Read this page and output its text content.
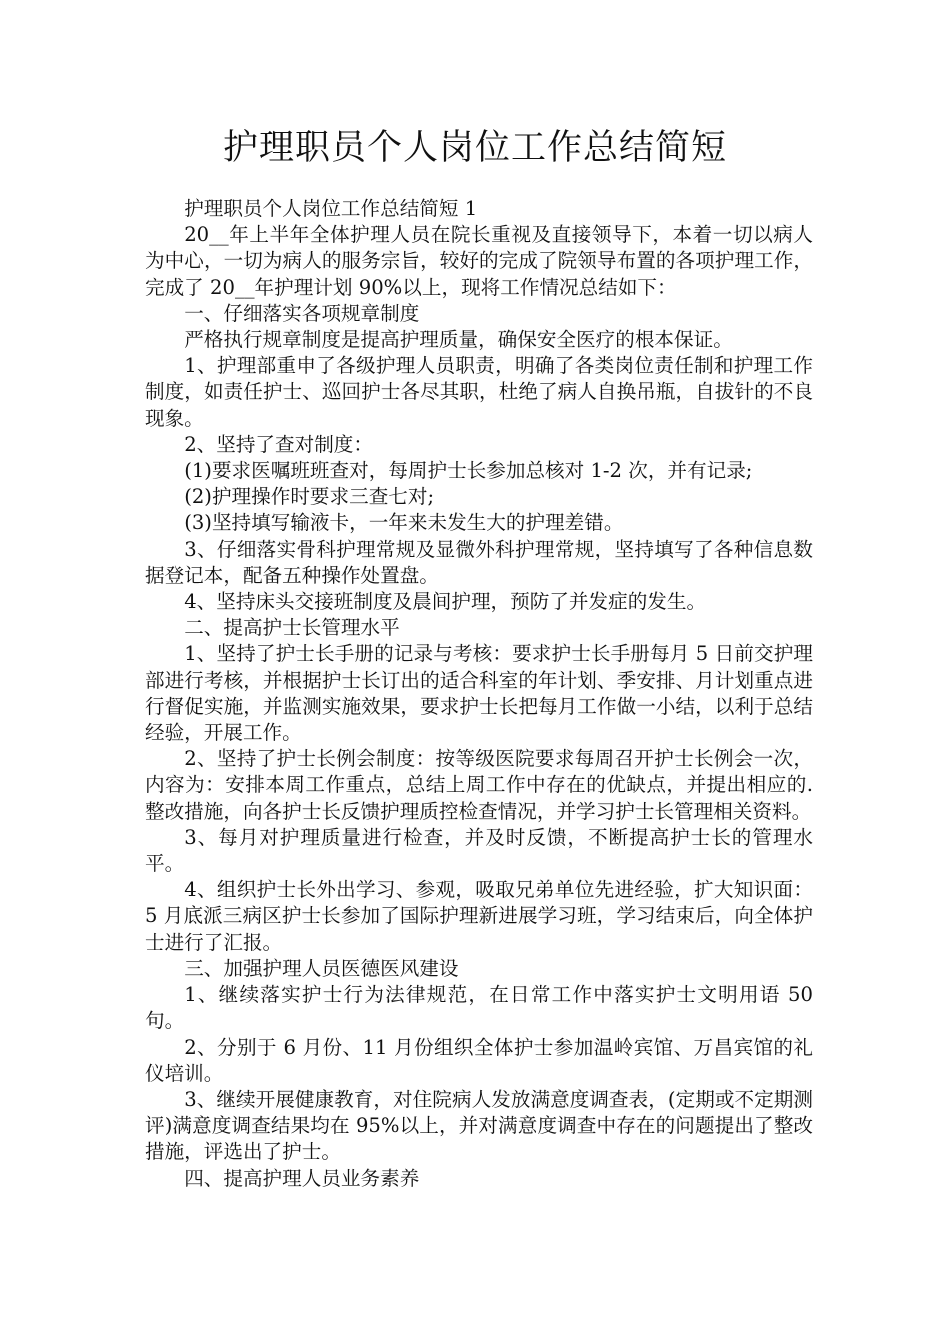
护理职员个人岗位工作总结简短

护理职员个人岗位工作总结简短 1

20__年上半年全体护理人员在院长重视及直接领导下，本着一切以病人为中心，一切为病人的服务宗旨，较好的完成了院领导布置的各项护理工作，完成了 20__年护理计划 90%以上，现将工作情况总结如下：

一、仔细落实各项规章制度

严格执行规章制度是提高护理质量，确保安全医疗的根本保证。

1、护理部重申了各级护理人员职责，明确了各类岗位责任制和护理工作制度，如责任护士、巡回护士各尽其职，杜绝了病人自换吊瓶，自拔针的不良现象。

2、坚持了查对制度：

(1)要求医嘱班班查对，每周护士长参加总核对 1-2 次，并有记录;

(2)护理操作时要求三查七对;

(3)坚持填写输液卡，一年来未发生大的护理差错。

3、仔细落实骨科护理常规及显微外科护理常规，坚持填写了各种信息数据登记本，配备五种操作处置盘。

4、坚持床头交接班制度及晨间护理，预防了并发症的发生。

二、提高护士长管理水平

1、坚持了护士长手册的记录与考核：要求护士长手册每月 5 日前交护理部进行考核，并根据护士长订出的适合科室的年计划、季安排、月计划重点进行督促实施，并监测实施效果，要求护士长把每月工作做一小结，以利于总结经验，开展工作。

2、坚持了护士长例会制度：按等级医院要求每周召开护士长例会一次，内容为：安排本周工作重点，总结上周工作中存在的优缺点，并提出相应的.整改措施，向各护士长反馈护理质控检查情况，并学习护士长管理相关资料。

3、每月对护理质量进行检查，并及时反馈，不断提高护士长的管理水平。

4、组织护士长外出学习、参观，吸取兄弟单位先进经验，扩大知识面：5 月底派三病区护士长参加了国际护理新进展学习班，学习结束后，向全体护士进行了汇报。

三、加强护理人员医德医风建设

1、继续落实护士行为法律规范，在日常工作中落实护士文明用语 50 句。

2、分别于 6 月份、11 月份组织全体护士参加温岭宾馆、万昌宾馆的礼仪培训。

3、继续开展健康教育，对住院病人发放满意度调查表，(定期或不定期测评)满意度调查结果均在 95%以上，并对满意度调查中存在的问题提出了整改措施，评选出了护士。

四、提高护理人员业务素养
